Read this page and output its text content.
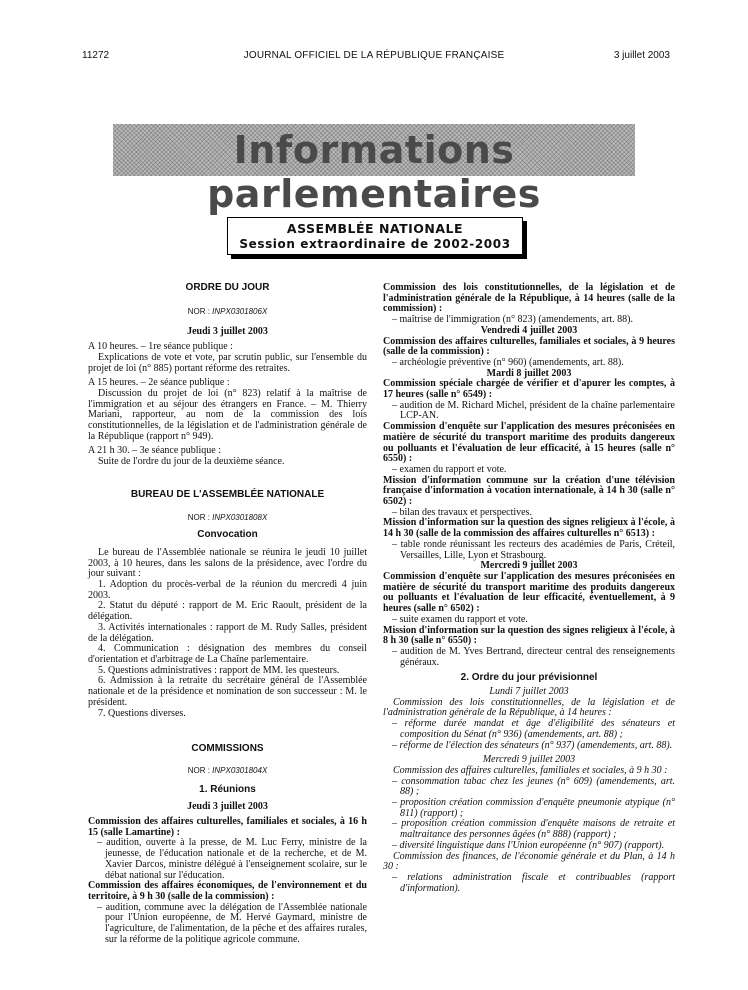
11272	JOURNAL OFFICIEL DE LA RÉPUBLIQUE FRANÇAISE	3 juillet 2003
Informations parlementaires
ASSEMBLÉE NATIONALE
Session extraordinaire de 2002-2003
ORDRE DU JOUR
NOR : INPX0301806X
Jeudi 3 juillet 2003

A 10 heures. – 1re séance publique :

Explications de vote et vote, par scrutin public, sur l'ensemble du projet de loi (n° 885) portant réforme des retraites.

A 15 heures. – 2e séance publique :

Discussion du projet de loi (n° 823) relatif à la maîtrise de l'immigration et au séjour des étrangers en France. – M. Thierry Mariani, rapporteur, au nom de la commission des lois constitutionnelles, de la législation et de l'administration générale de la République (rapport n° 949).

A 21 h 30. – 3e séance publique :

Suite de l'ordre du jour de la deuxième séance.

BUREAU DE L'ASSEMBLÉE NATIONALE
NOR : INPX0301808X
Convocation

Le bureau de l'Assemblée nationale se réunira le jeudi 10 juillet 2003, à 10 heures, dans les salons de la présidence, avec l'ordre du jour suivant :

1. Adoption du procès-verbal de la réunion du mercredi 4 juin 2003.

2. Statut du député : rapport de M. Eric Raoult, président de la délégation.

3. Activités internationales : rapport de M. Rudy Salles, président de la délégation.

4. Communication : désignation des membres du conseil d'orientation et d'arbitrage de La Chaîne parlementaire.

5. Questions administratives : rapport de MM. les questeurs.

6. Admission à la retraite du secrétaire général de l'Assemblée nationale et de la présidence et nomination de son successeur : M. le président.

7. Questions diverses.

COMMISSIONS
NOR : INPX0301804X
1. Réunions
Jeudi 3 juillet 2003

Commission des affaires culturelles, familiales et sociales, à 16 h 15 (salle Lamartine) :

– audition, ouverte à la presse, de M. Luc Ferry, ministre de la jeunesse, de l'éducation nationale et de la recherche, et de M. Xavier Darcos, ministre délégué à l'enseignement scolaire, sur le débat national sur l'éducation.

Commission des affaires économiques, de l'environnement et du territoire, à 9 h 30 (salle de la commission) :

– audition, commune avec la délégation de l'Assemblée nationale pour l'Union européenne, de M. Hervé Gaymard, ministre de l'agriculture, de l'alimentation, de la pêche et des affaires rurales, sur la réforme de la politique agricole commune.

Commission des lois constitutionnelles, de la législation et de l'administration générale de la République, à 14 heures (salle de la commission) :

– maîtrise de l'immigration (n° 823) (amendements, art. 88).

Vendredi 4 juillet 2003

Commission des affaires culturelles, familiales et sociales, à 9 heures (salle de la commission) :

– archéologie préventive (n° 960) (amendements, art. 88).

Mardi 8 juillet 2003

Commission spéciale chargée de vérifier et d'apurer les comptes, à 17 heures (salle n° 6549) :

– audition de M. Richard Michel, président de la chaîne parlementaire LCP-AN.

Commission d'enquête sur l'application des mesures préconisées en matière de sécurité du transport maritime des produits dangereux ou polluants et l'évaluation de leur efficacité, à 15 heures (salle n° 6550) :

– examen du rapport et vote.

Mission d'information commune sur la création d'une télévision française d'information à vocation internationale, à 14 h 30 (salle n° 6502) :

– bilan des travaux et perspectives.

Mission d'information sur la question des signes religieux à l'école, à 14 h 30 (salle de la commission des affaires culturelles n° 6513) :

– table ronde réunissant les recteurs des académies de Paris, Créteil, Versailles, Lille, Lyon et Strasbourg.

Mercredi 9 juillet 2003

Commission d'enquête sur l'application des mesures préconisées en matière de sécurité du transport maritime des produits dangereux ou polluants et l'évaluation de leur efficacité, éventuellement, à 9 heures (salle n° 6502) :

– suite examen du rapport et vote.

Mission d'information sur la question des signes religieux à l'école, à 8 h 30 (salle n° 6550) :

– audition de M. Yves Bertrand, directeur central des renseignements généraux.

2. Ordre du jour prévisionnel
Lundi 7 juillet 2003

Commission des lois constitutionnelles, de la législation et de l'administration générale de la République, à 14 heures :

– réforme durée mandat et âge d'éligibilité des sénateurs et composition du Sénat (n° 936) (amendements, art. 88) ;

– réforme de l'élection des sénateurs (n° 937) (amendements, art. 88).

Mercredi 9 juillet 2003

Commission des affaires culturelles, familiales et sociales, à 9 h 30 :

– consommation tabac chez les jeunes (n° 609) (amendements, art. 88) ;

– proposition création commission d'enquête pneumonie atypique (n° 811) (rapport) ;

– proposition création commission d'enquête maisons de retraite et maltraitance des personnes âgées (n° 888) (rapport) ;

– diversité linguistique dans l'Union européenne (n° 907) (rapport).

Commission des finances, de l'économie générale et du Plan, à 14 h 30 :

– relations administration fiscale et contribuables (rapport d'information).
